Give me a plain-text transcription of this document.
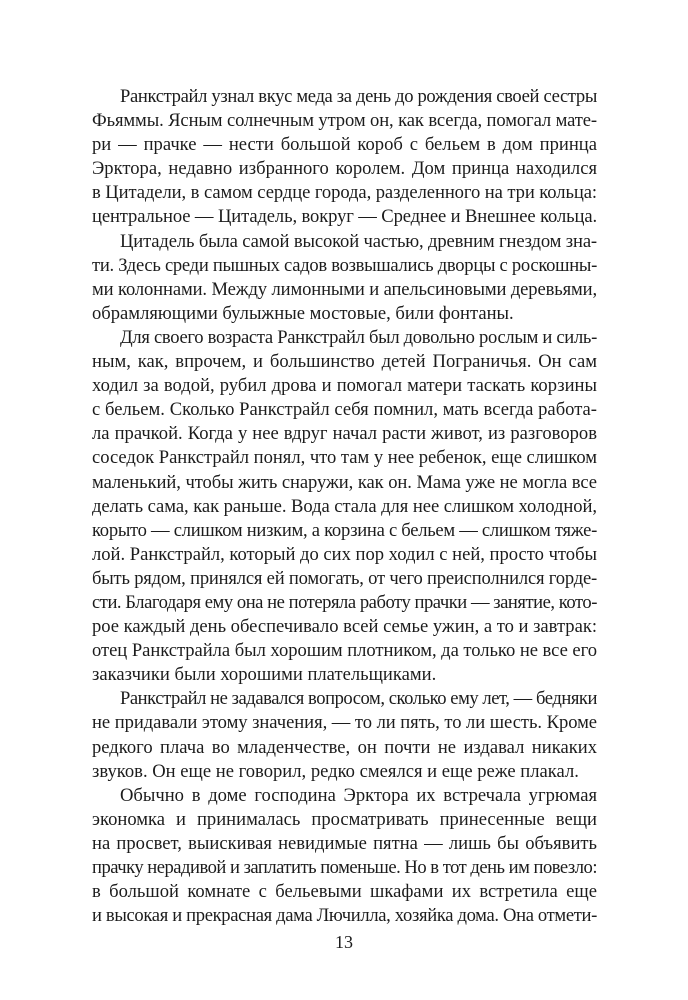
Ранкстрайл узнал вкус меда за день до рождения своей сестры
Фьяммы. Ясным солнечным утром он, как всегда, помогал мате-
ри — прачке — нести большой короб с бельем в дом принца
Эрктора, недавно избранного королем. Дом принца находился
в Цитадели, в самом сердце города, разделенного на три кольца:
центральное — Цитадель, вокруг — Среднее и Внешнее кольца.
Цитадель была самой высокой частью, древним гнездом зна-
ти. Здесь среди пышных садов возвышались дворцы с роскошны-
ми колоннами. Между лимонными и апельсиновыми деревьями,
обрамляющими булыжные мостовые, били фонтаны.
Для своего возраста Ранкстрайл был довольно рослым и силь-
ным, как, впрочем, и большинство детей Пограничья. Он сам
ходил за водой, рубил дрова и помогал матери таскать корзины
с бельем. Сколько Ранкстрайл себя помнил, мать всегда работа-
ла прачкой. Когда у нее вдруг начал расти живот, из разговоров
соседок Ранкстрайл понял, что там у нее ребенок, еще слишком
маленький, чтобы жить снаружи, как он. Мама уже не могла все
делать сама, как раньше. Вода стала для нее слишком холодной,
корыто — слишком низким, а корзина с бельем — слишком тяже-
лой. Ранкстрайл, который до сих пор ходил с ней, просто чтобы
быть рядом, принялся ей помогать, от чего преисполнился горде-
сти. Благодаря ему она не потеряла работу прачки — занятие, кото-
рое каждый день обеспечивало всей семье ужин, а то и завтрак:
отец Ранкстрайла был хорошим плотником, да только не все его
заказчики были хорошими плательщиками.
Ранкстрайл не задавался вопросом, сколько ему лет, — бедняки
не придавали этому значения, — то ли пять, то ли шесть. Кроме
редкого плача во младенчестве, он почти не издавал никаких
звуков. Он еще не говорил, редко смеялся и еще реже плакал.
Обычно в доме господина Эрктора их встречала угрюмая
экономка и принималась просматривать принесенные вещи
на просвет, выискивая невидимые пятна — лишь бы объявить
прачку нерадивой и заплатить поменьше. Но в тот день им повезло:
в большой комнате с бельевыми шкафами их встретила еще
и высокая и прекрасная дама Лючилла, хозяйка дома. Она отмети-
13
